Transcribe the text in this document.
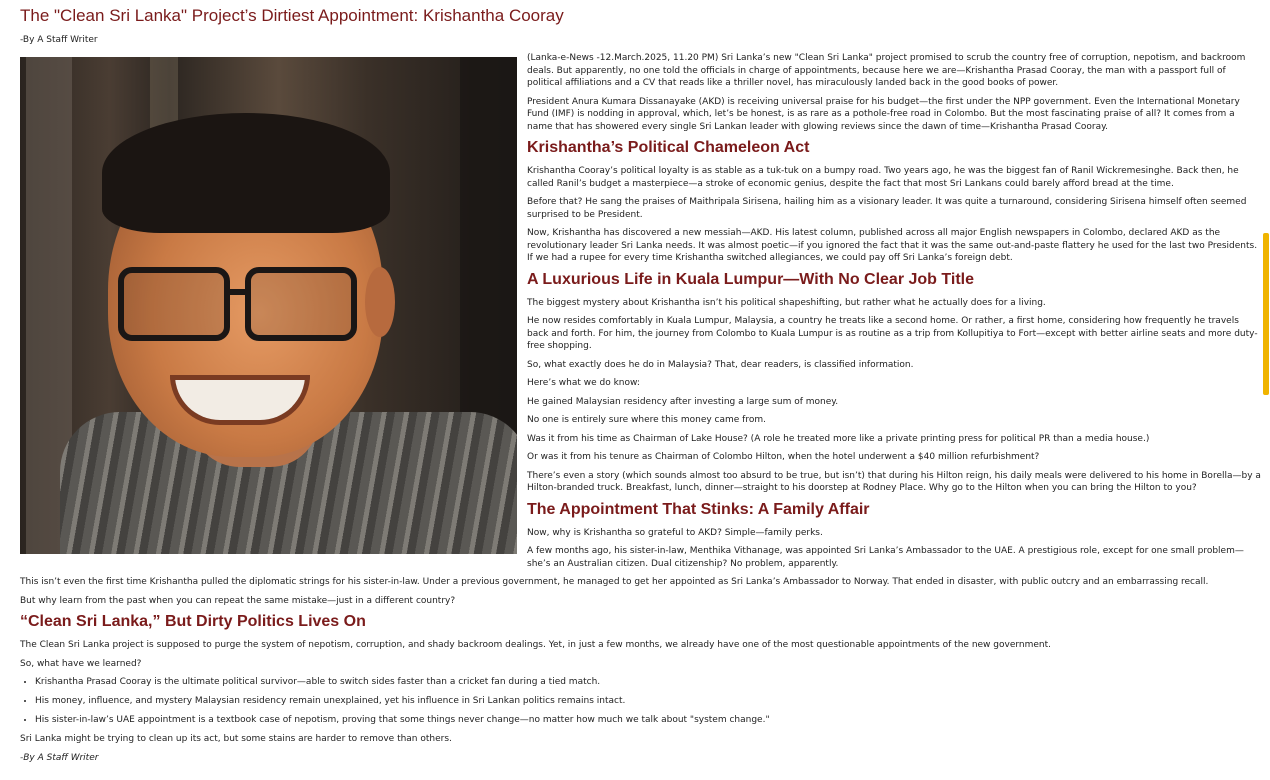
The "Clean Sri Lanka" Project’s Dirtiest Appointment: Krishantha Cooray
-By A Staff Writer

(Lanka-e-News -12.March.2025, 11.20 PM) Sri Lanka’s new "Clean Sri Lanka" project promised to scrub the country free of corruption, nepotism, and backroom deals. But apparently, no one told the officials in charge of appointments, because here we are—Krishantha Prasad Cooray, the man with a passport full of political affiliations and a CV that reads like a thriller novel, has miraculously landed back in the good books of power.

President Anura Kumara Dissanayake (AKD) is receiving universal praise for his budget—the first under the NPP government. Even the International Monetary Fund (IMF) is nodding in approval, which, let’s be honest, is as rare as a pothole-free road in Colombo. But the most fascinating praise of all? It comes from a name that has showered every single Sri Lankan leader with glowing reviews since the dawn of time—Krishantha Prasad Cooray.

Krishantha’s Political Chameleon Act

Krishantha Cooray’s political loyalty is as stable as a tuk-tuk on a bumpy road. Two years ago, he was the biggest fan of Ranil Wickremesinghe. Back then, he called Ranil’s budget a masterpiece—a stroke of economic genius, despite the fact that most Sri Lankans could barely afford bread at the time.

Before that? He sang the praises of Maithripala Sirisena, hailing him as a visionary leader. It was quite a turnaround, considering Sirisena himself often seemed surprised to be President.

Now, Krishantha has discovered a new messiah—AKD. His latest column, published across all major English newspapers in Colombo, declared AKD as the revolutionary leader Sri Lanka needs. It was almost poetic—if you ignored the fact that it was the same out-and-paste flattery he used for the last two Presidents. If we had a rupee for every time Krishantha switched allegiances, we could pay off Sri Lanka’s foreign debt.

A Luxurious Life in Kuala Lumpur—With No Clear Job Title

The biggest mystery about Krishantha isn’t his political shapeshifting, but rather what he actually does for a living.

He now resides comfortably in Kuala Lumpur, Malaysia, a country he treats like a second home. Or rather, a first home, considering how frequently he travels back and forth. For him, the journey from Colombo to Kuala Lumpur is as routine as a trip from Kollupitiya to Fort—except with better airline seats and more duty-free shopping.

So, what exactly does he do in Malaysia? That, dear readers, is classified information.

Here’s what we do know:

He gained Malaysian residency after investing a large sum of money.

No one is entirely sure where this money came from.

Was it from his time as Chairman of Lake House? (A role he treated more like a private printing press for political PR than a media house.)

Or was it from his tenure as Chairman of Colombo Hilton, when the hotel underwent a $40 million refurbishment?

There’s even a story (which sounds almost too absurd to be true, but isn’t) that during his Hilton reign, his daily meals were delivered to his home in Borella—by a Hilton-branded truck. Breakfast, lunch, dinner—straight to his doorstep at Rodney Place. Why go to the Hilton when you can bring the Hilton to you?

The Appointment That Stinks: A Family Affair

Now, why is Krishantha so grateful to AKD? Simple—family perks.

A few months ago, his sister-in-law, Menthika Vithanage, was appointed Sri Lanka’s Ambassador to the UAE. A prestigious role, except for one small problem—she’s an Australian citizen. Dual citizenship? No problem, apparently.

This isn’t even the first time Krishantha pulled the diplomatic strings for his sister-in-law. Under a previous government, he managed to get her appointed as Sri Lanka’s Ambassador to Norway. That ended in disaster, with public outcry and an embarrassing recall.

But why learn from the past when you can repeat the same mistake—just in a different country?

“Clean Sri Lanka,” But Dirty Politics Lives On

The Clean Sri Lanka project is supposed to purge the system of nepotism, corruption, and shady backroom dealings. Yet, in just a few months, we already have one of the most questionable appointments of the new government.

So, what have we learned?

• Krishantha Prasad Cooray is the ultimate political survivor—able to switch sides faster than a cricket fan during a tied match.
• His money, influence, and mystery Malaysian residency remain unexplained, yet his influence in Sri Lankan politics remains intact.
• His sister-in-law’s UAE appointment is a textbook case of nepotism, proving that some things never change—no matter how much we talk about "system change."

Sri Lanka might be trying to clean up its act, but some stains are harder to remove than others.

-By A Staff Writer
